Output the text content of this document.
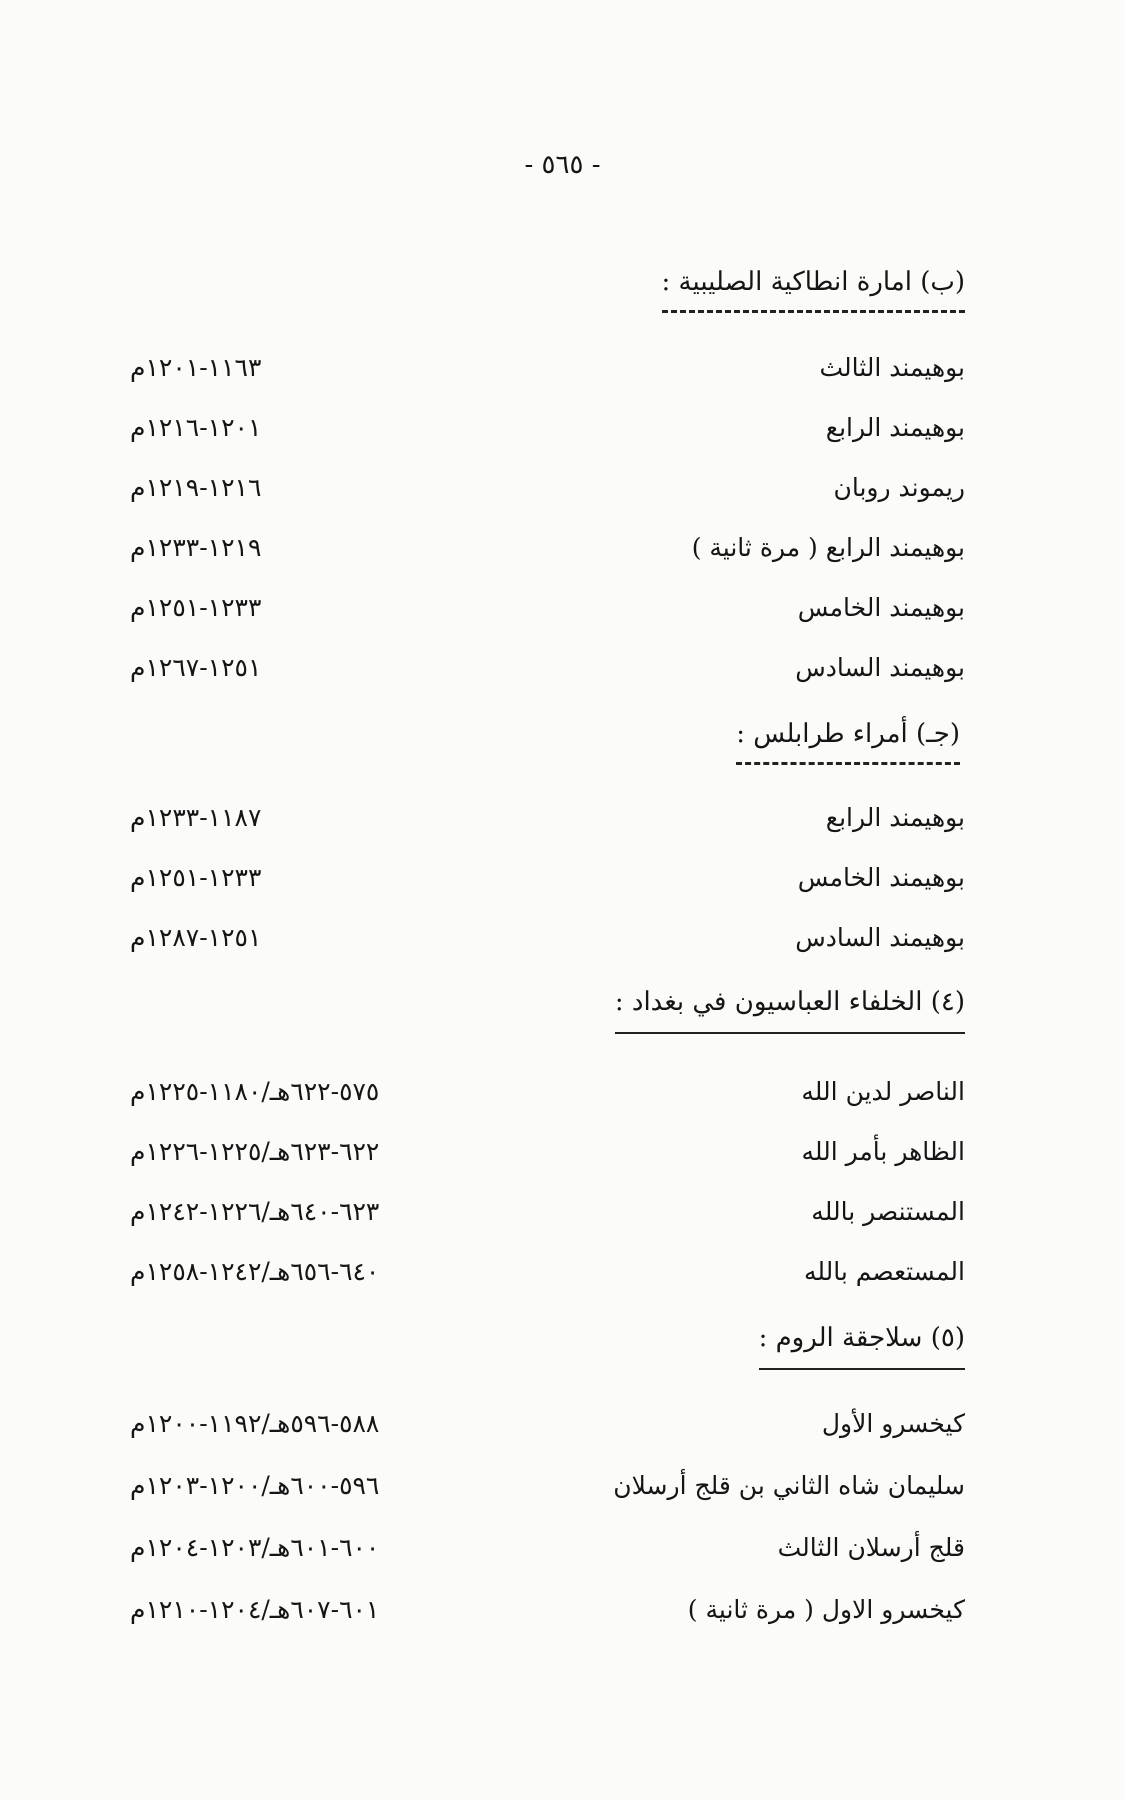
- ٥٦٥ -
(ب) امارة انطاكية الصليبية :
بوهيمند الثالث
١١٦٣-١٢٠١م
بوهيمند الرابع
١٢٠١-١٢١٦م
ريموند روبان
١٢١٦-١٢١٩م
بوهيمند الرابع ( مرة ثانية )
١٢١٩-١٢٣٣م
بوهيمند الخامس
١٢٣٣-١٢٥١م
بوهيمند السادس
١٢٥١-١٢٦٧م
(جـ) أمراء طرابلس :
بوهيمند الرابع
١١٨٧-١٢٣٣م
بوهيمند الخامس
١٢٣٣-١٢٥١م
بوهيمند السادس
١٢٥١-١٢٨٧م
(٤) الخلفاء العباسيون في بغداد :
الناصر لدين الله
٥٧٥-٦٢٢هـ/١١٨٠-١٢٢٥م
الظاهر بأمر الله
٦٢٢-٦٢٣هـ/١٢٢٥-١٢٢٦م
المستنصر بالله
٦٢٣-٦٤٠هـ/١٢٢٦-١٢٤٢م
المستعصم بالله
٦٤٠-٦٥٦هـ/١٢٤٢-١٢٥٨م
(٥) سلاجقة الروم :
كيخسرو الأول
٥٨٨-٥٩٦هـ/١١٩٢-١٢٠٠م
سليمان شاه الثاني بن قلج أرسلان
٥٩٦-٦٠٠هـ/١٢٠٠-١٢٠٣م
قلج أرسلان الثالث
٦٠٠-٦٠١هـ/١٢٠٣-١٢٠٤م
كيخسرو الاول ( مرة ثانية )
٦٠١-٦٠٧هـ/١٢٠٤-١٢١٠م
